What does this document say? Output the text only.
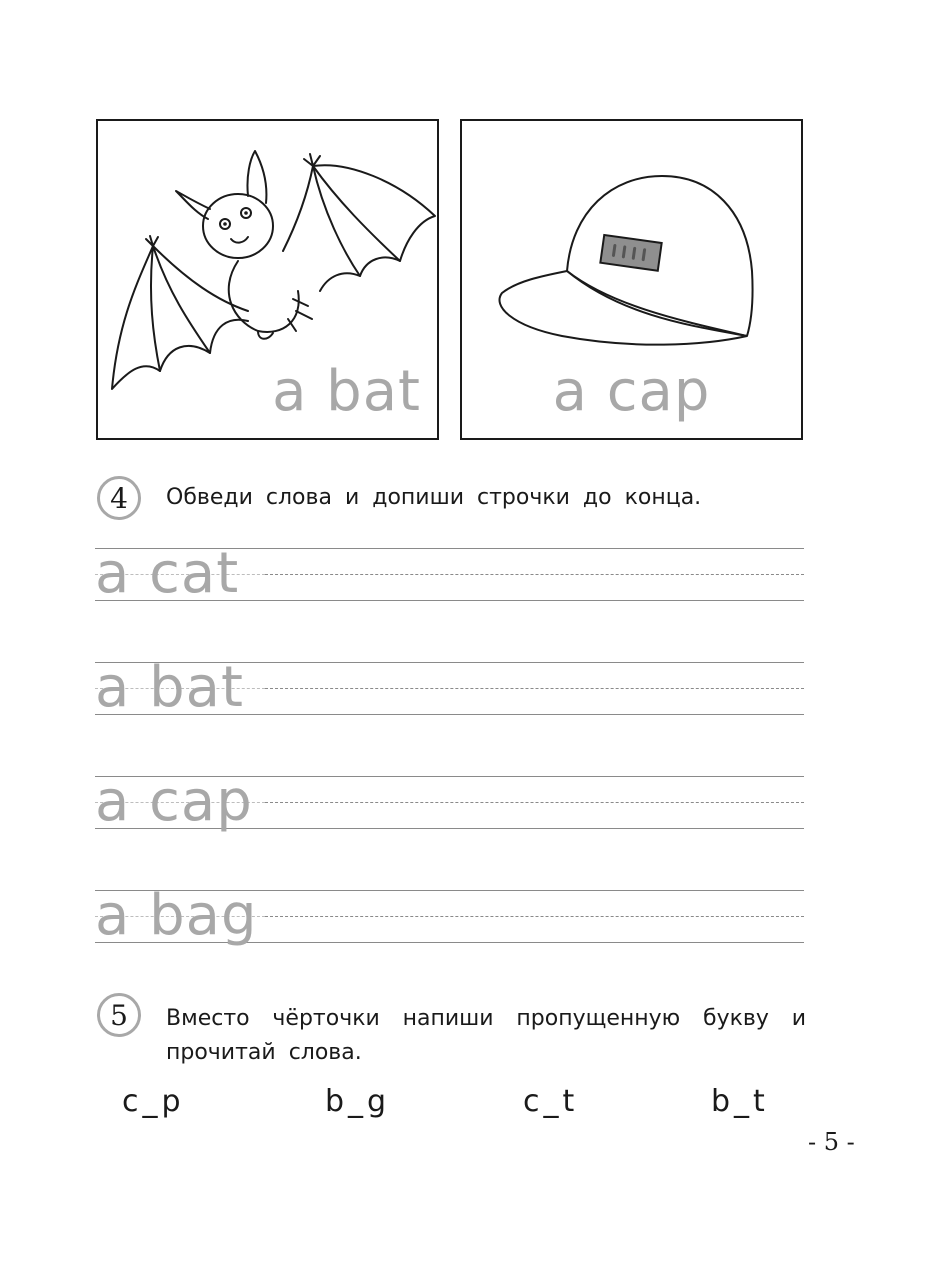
a bat	a cap
4	Обведи слова и допиши строчки до конца.
a cat
a bat
a cap
a bag
5	Вместо чёрточки напиши пропущенную букву и прочитай слова.
c_p	b_g	c_t	b_t
- 5 -
